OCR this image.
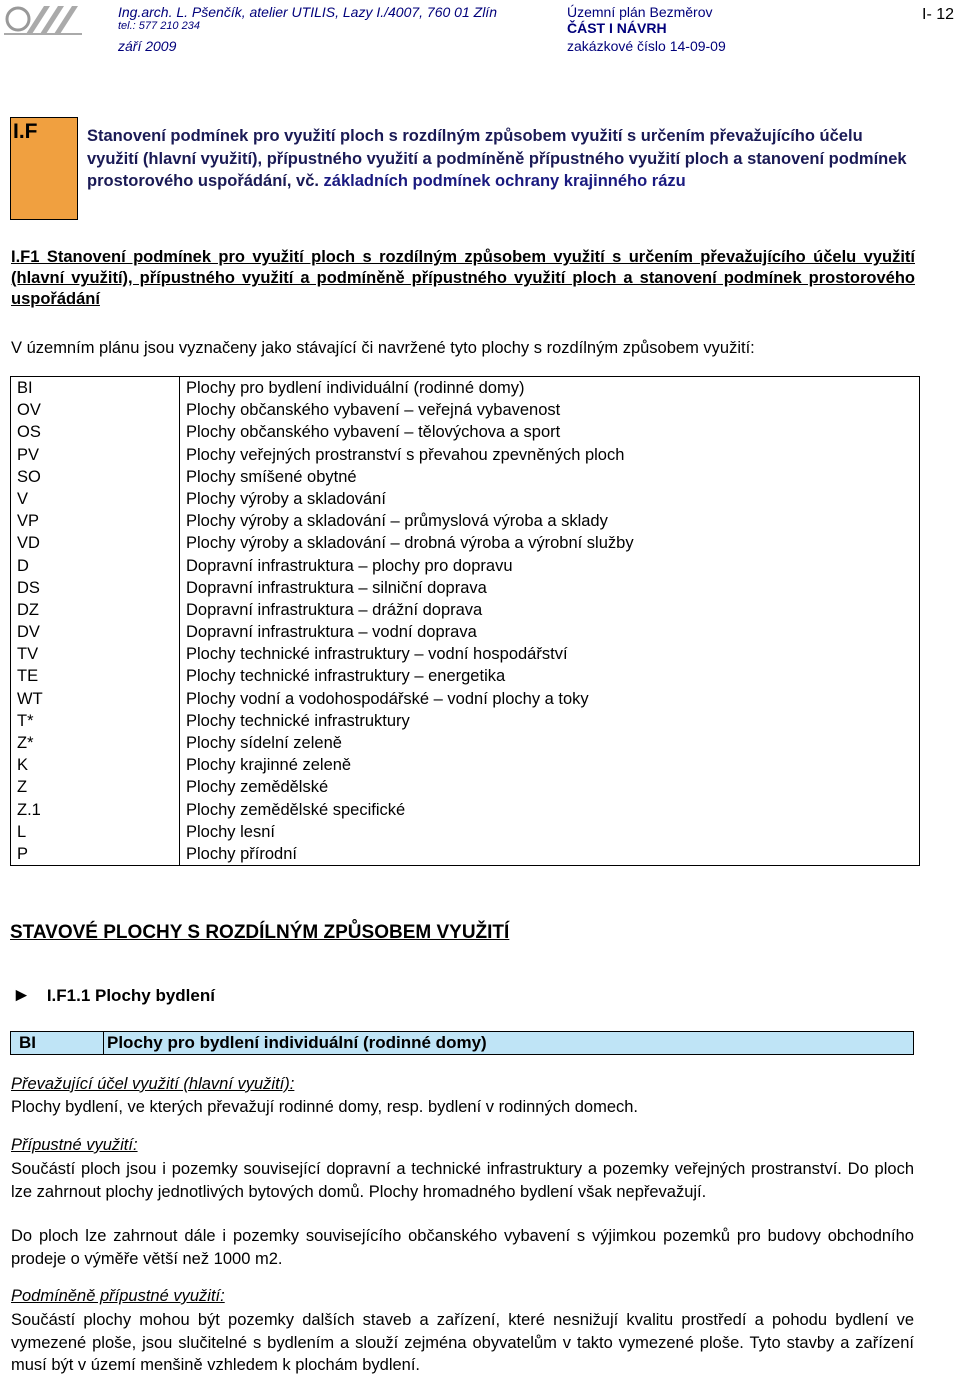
Ing.arch. L. Pšenčík, atelier UTILIS, Lazy I./4007, 760 01 Zlín
tel.: 577 210 234
září 2009
Územní plán Bezměrov
ČÁST I NÁVRH
zakázkové číslo 14-09-09
I- 12
I.F	Stanovení podmínek pro využití ploch s rozdílným způsobem využití s určením převažujícího účelu využití (hlavní využití), přípustného využití a podmíněně přípustného využití ploch a stanovení podmínek prostorového uspořádání, vč. základních podmínek ochrany krajinného rázu
I.F1 Stanovení podmínek pro využití ploch s rozdílným způsobem využití s určením převažujícího účelu využití (hlavní využití), přípustného využití a podmíněně přípustného využití ploch a stanovení podmínek prostorového uspořádání
V územním plánu jsou vyznačeny jako stávající či navržené tyto plochy s rozdílným způsobem využití:
BI	Plochy pro bydlení individuální (rodinné domy)
OV	Plochy občanského vybavení – veřejná vybavenost
OS	Plochy občanského vybavení – tělovýchova a sport
PV	Plochy veřejných prostranství s převahou zpevněných ploch
SO	Plochy smíšené obytné
V	Plochy výroby a skladování
VP	Plochy výroby a skladování – průmyslová výroba a sklady
VD	Plochy výroby a skladování – drobná výroba a výrobní služby
D	Dopravní infrastruktura – plochy pro dopravu
DS	Dopravní infrastruktura – silniční doprava
DZ	Dopravní infrastruktura – drážní doprava
DV	Dopravní infrastruktura – vodní doprava
TV	Plochy technické infrastruktury – vodní hospodářství
TE	Plochy technické infrastruktury – energetika
WT	Plochy vodní a vodohospodářské – vodní plochy a toky
T*	Plochy technické infrastruktury
Z*	Plochy sídelní zeleně
K	Plochy krajinné zeleně
Z	Plochy zemědělské
Z.1	Plochy zemědělské specifické
L	Plochy lesní
P	Plochy přírodní
STAVOVÉ PLOCHY S ROZDÍLNÝM ZPŮSOBEM VYUŽITÍ
► I.F1.1 Plochy bydlení
BI	Plochy pro bydlení individuální (rodinné domy)
Převažující účel využití (hlavní využití):
Plochy bydlení, ve kterých převažují rodinné domy, resp. bydlení v rodinných domech.
Přípustné využití:
Součástí ploch jsou i pozemky související dopravní a technické infrastruktury a pozemky veřejných prostranství. Do ploch lze zahrnout plochy jednotlivých bytových domů. Plochy hromadného bydlení však nepřevažují.
Do ploch lze zahrnout dále i pozemky souvisejícího občanského vybavení s výjimkou pozemků pro budovy obchodního prodeje o výměře větší než 1000 m2.
Podmíněně přípustné využití:
Součástí plochy mohou být pozemky dalších staveb a zařízení, které nesnižují kvalitu prostředí a pohodu bydlení ve vymezené ploše, jsou slučitelné s bydlením a slouží zejména obyvatelům v takto vymezené ploše. Tyto stavby a zařízení musí být v území menšině vzhledem k plochám bydlení.
